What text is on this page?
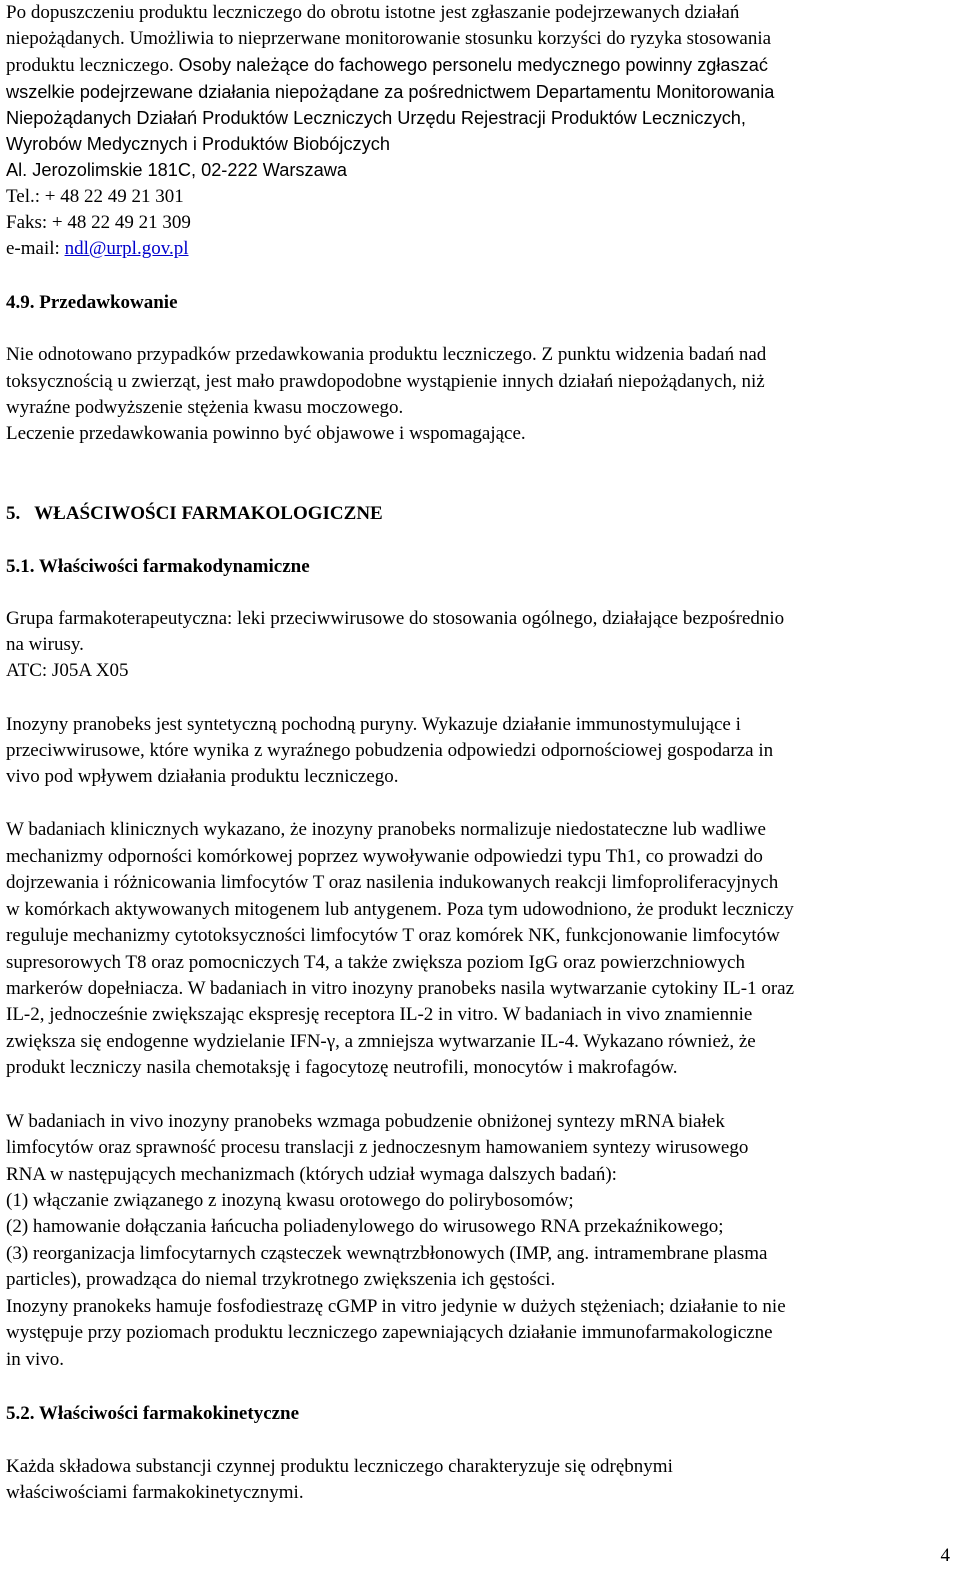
Po dopuszczeniu produktu leczniczego do obrotu istotne jest zgłaszanie podejrzewanych działań
niepożądanych. Umożliwia to nieprzerwane monitorowanie stosunku korzyści do ryzyka stosowania
produktu leczniczego. Osoby należące do fachowego personelu medycznego powinny zgłaszać
wszelkie podejrzewane działania niepożądane za pośrednictwem Departamentu Monitorowania
Niepożądanych Działań Produktów Leczniczych Urzędu Rejestracji Produktów Leczniczych,
Wyrobów Medycznych i Produktów Biobójczych
Al. Jerozolimskie 181C, 02-222 Warszawa
Tel.: + 48 22 49 21 301
Faks: + 48 22 49 21 309
e-mail: ndl@urpl.gov.pl
4.9. Przedawkowanie
Nie odnotowano przypadków przedawkowania produktu leczniczego. Z punktu widzenia badań nad
toksycznością u zwierząt, jest mało prawdopodobne wystąpienie innych działań niepożądanych, niż
wyraźne podwyższenie stężenia kwasu moczowego.
Leczenie przedawkowania powinno być objawowe i wspomagające.
5.   WŁAŚCIWOŚCI FARMAKOLOGICZNE
5.1. Właściwości farmakodynamiczne
Grupa farmakoterapeutyczna: leki przeciwwirusowe do stosowania ogólnego, działające bezpośrednio
na wirusy.
ATC: J05A X05
Inozyny pranobeks jest syntetyczną pochodną puryny. Wykazuje działanie immunostymulujące i
przeciwwirusowe, które wynika z wyraźnego pobudzenia odpowiedzi odpornościowej gospodarza in
vivo pod wpływem działania produktu leczniczego.
W badaniach klinicznych wykazano, że inozyny pranobeks normalizuje niedostateczne lub wadliwe
mechanizmy odporności komórkowej poprzez wywoływanie odpowiedzi typu Th1, co prowadzi do
dojrzewania i różnicowania limfocytów T oraz nasilenia indukowanych reakcji limfoproliferacyjnych
w komórkach aktywowanych mitogenem lub antygenem. Poza tym udowodniono, że produkt leczniczy
reguluje mechanizmy cytotoksyczności limfocytów T oraz komórek NK, funkcjonowanie limfocytów
supresorowych T8 oraz pomocniczych T4, a także zwiększa poziom IgG oraz powierzchniowych
markerów dopełniacza. W badaniach in vitro inozyny pranobeks nasila wytwarzanie cytokiny IL-1 oraz
IL-2, jednocześnie zwiększając ekspresję receptora IL-2 in vitro. W badaniach in vivo znamiennie
zwiększa się endogenne wydzielanie IFN-γ, a zmniejsza wytwarzanie IL-4. Wykazano również, że
produkt leczniczy nasila chemotaksję i fagocytozę neutrofili, monocytów i makrofagów.
W badaniach in vivo inozyny pranobeks wzmaga pobudzenie obniżonej syntezy mRNA białek
limfocytów oraz sprawność procesu translacji z jednoczesnym hamowaniem syntezy wirusowego
RNA w następujących mechanizmach (których udział wymaga dalszych badań):
(1) włączanie związanego z inozyną kwasu orotowego do polirybosomów;
(2) hamowanie dołączania łańcucha poliadenylowego do wirusowego RNA przekaźnikowego;
(3) reorganizacja limfocytarnych cząsteczek wewnątrzbłonowych (IMP, ang. intramembrane plasma
particles), prowadząca do niemal trzykrotnego zwiększenia ich gęstości.
Inozyny pranokeks hamuje fosfodiestrazę cGMP in vitro jedynie w dużych stężeniach; działanie to nie
występuje przy poziomach produktu leczniczego zapewniających działanie immunofarmakologiczne
in vivo.
5.2. Właściwości farmakokinetyczne
Każda składowa substancji czynnej produktu leczniczego charakteryzuje się odrębnymi
właściwościami farmakokinetycznymi.
4
